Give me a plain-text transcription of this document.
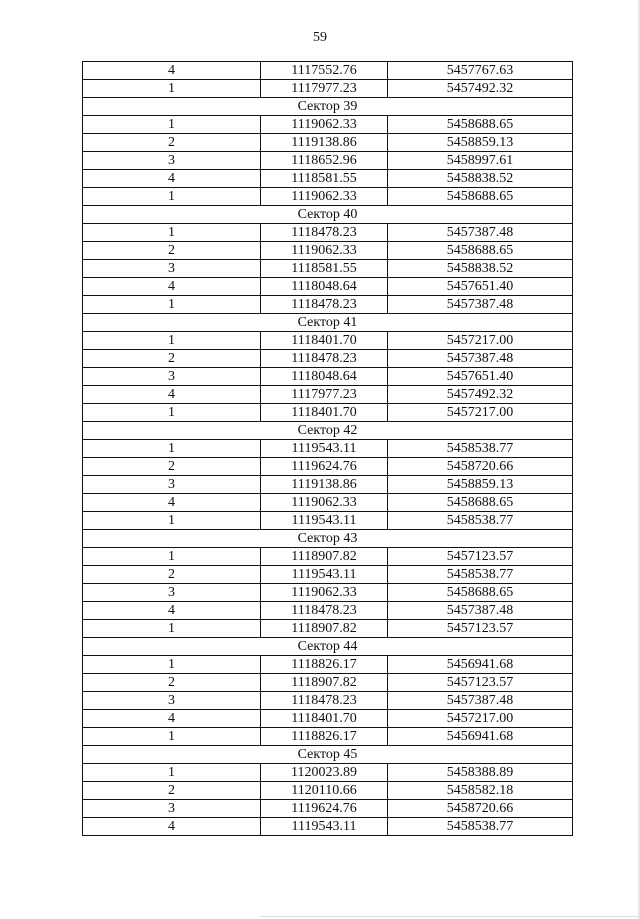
59
4	1117552.76	5457767.63
1	1117977.23	5457492.32
Сектор 39		
1	1119062.33	5458688.65
2	1119138.86	5458859.13
3	1118652.96	5458997.61
4	1118581.55	5458838.52
1	1119062.33	5458688.65
Сектор 40		
1	1118478.23	5457387.48
2	1119062.33	5458688.65
3	1118581.55	5458838.52
4	1118048.64	5457651.40
1	1118478.23	5457387.48
Сектор 41		
1	1118401.70	5457217.00
2	1118478.23	5457387.48
3	1118048.64	5457651.40
4	1117977.23	5457492.32
1	1118401.70	5457217.00
Сектор 42		
1	1119543.11	5458538.77
2	1119624.76	5458720.66
3	1119138.86	5458859.13
4	1119062.33	5458688.65
1	1119543.11	5458538.77
Сектор 43		
1	1118907.82	5457123.57
2	1119543.11	5458538.77
3	1119062.33	5458688.65
4	1118478.23	5457387.48
1	1118907.82	5457123.57
Сектор 44		
1	1118826.17	5456941.68
2	1118907.82	5457123.57
3	1118478.23	5457387.48
4	1118401.70	5457217.00
1	1118826.17	5456941.68
Сектор 45		
1	1120023.89	5458388.89
2	1120110.66	5458582.18
3	1119624.76	5458720.66
4	1119543.11	5458538.77
